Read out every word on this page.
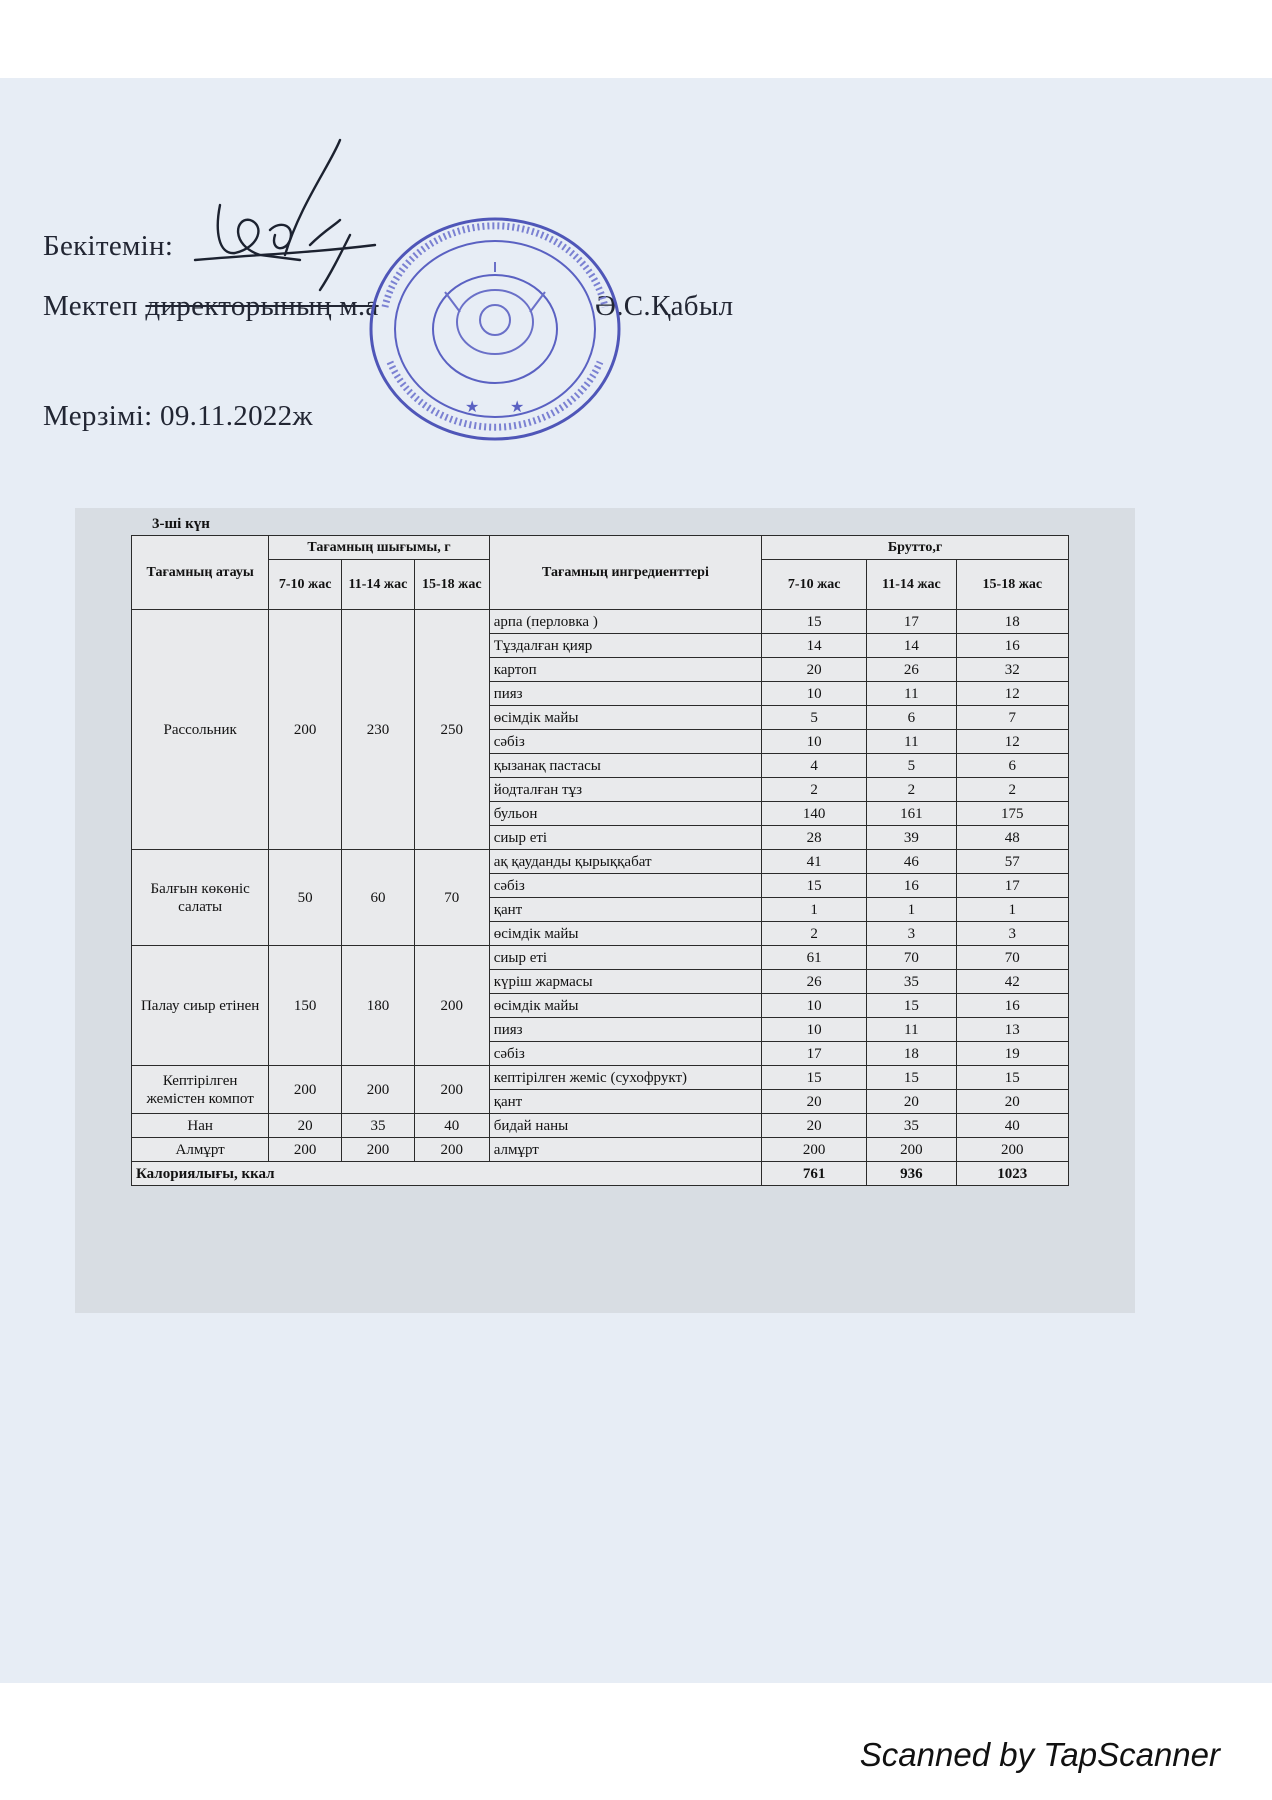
Бекітемін:
Мектеп директорының м.а	Ә.С.Қабыл
Мерзімі: 09.11.2022ж	★ ★
3-ші күн
Тағамның атауы	Тағамның шығымы, г			Тағамның ингредиенттері	Брутто,г		
	7-10 жас	11-14 жас	15-18 жас		7-10 жас	11-14 жас	15-18 жас
Рассольник	200	230	250	арпа (перловка )	15	17	18
				Тұздалған қияр	14	14	16
				картоп	20	26	32
				пияз	10	11	12
				өсімдік майы	5	6	7
				сәбіз	10	11	12
				қызанақ пастасы	4	5	6
				йодталған тұз	2	2	2
				бульон	140	161	175
				сиыр еті	28	39	48
Балғын көкөніс салаты	50	60	70	ақ қауданды қырыққабат	41	46	57
				сәбіз	15	16	17
				қант	1	1	1
				өсімдік майы	2	3	3
Палау сиыр етінен	150	180	200	сиыр еті	61	70	70
				күріш жармасы	26	35	42
				өсімдік майы	10	15	16
				пияз	10	11	13
				сәбіз	17	18	19
Кептірілген жемістен компот	200	200	200	кептірілген жеміс (сухофрукт)	15	15	15
				қант	20	20	20
Нан	20	35	40	бидай наны	20	35	40
Алмұрт	200	200	200	алмұрт	200	200	200
Калориялығы, ккал					761	936	1023
Scanned by TapScanner
